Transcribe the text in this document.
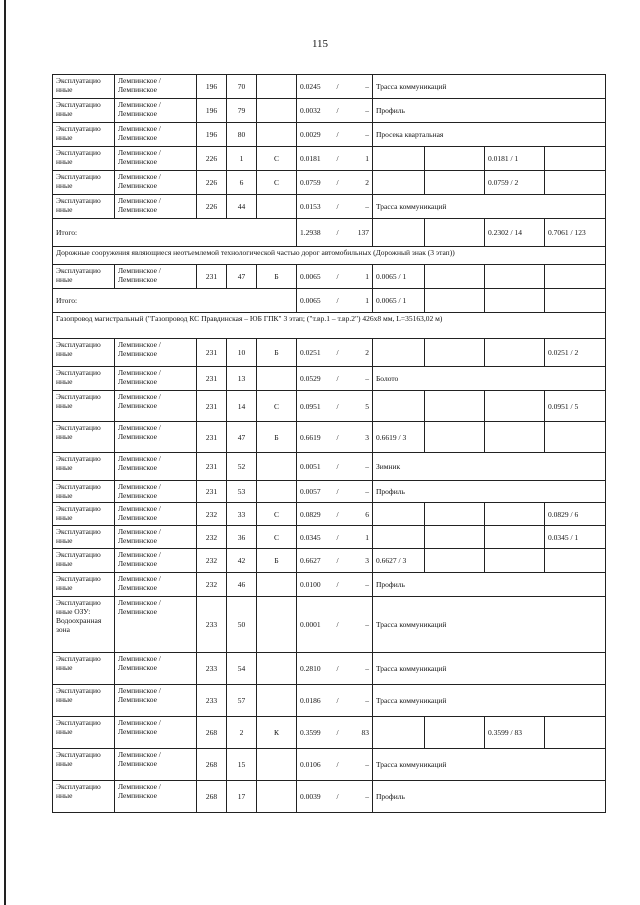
115
Эксплуатацио нные	Лемпинское / Лемпинское	196	70		0.0245 / –	Трасса коммуникаций			
Эксплуатацио нные	Лемпинское / Лемпинское	196	79		0.0032 / –	Профиль			
Эксплуатацио нные	Лемпинское / Лемпинское	196	80		0.0029 / –	Просека квартальная			
Эксплуатацио нные	Лемпинское / Лемпинское	226	1	С	0.0181 / 1			0.0181 / 1	
Эксплуатацио нные	Лемпинское / Лемпинское	226	6	С	0.0759 / 2			0.0759 / 2	
Эксплуатацио нные	Лемпинское / Лемпинское	226	44		0.0153 / –	Трасса коммуникаций			
Итого:					1.2938 / 137			0.2302 / 14	0.7061 / 123
Дорожные сооружения являющиеся неотъемлемой технологической частью дорог автомобильных (Дорожный знак (3 этап))									
Эксплуатацио нные	Лемпинское / Лемпинское	231	47	Б	0.0065 / 1	0.0065 / 1			
Итого:					0.0065 / 1	0.0065 / 1			
Газопровод магистральный ("Газопровод КС Правдинская – ЮБ ГПК" 3 этап; ("т.вр.1 – т.вр.2") 426х8 мм, L=35163,02 м)									
Эксплуатацио нные	Лемпинское / Лемпинское	231	10	Б	0.0251 / 2				0.0251 / 2
Эксплуатацио нные	Лемпинское / Лемпинское	231	13		0.0529 / –	Болото			
Эксплуатацио нные	Лемпинское / Лемпинское	231	14	С	0.0951 / 5				0.0951 / 5
Эксплуатацио нные	Лемпинское / Лемпинское	231	47	Б	0.6619 / 3	0.6619 / 3			
Эксплуатацио нные	Лемпинское / Лемпинское	231	52		0.0051 / –	Зимник			
Эксплуатацио нные	Лемпинское / Лемпинское	231	53		0.0057 / –	Профиль			
Эксплуатацио нные	Лемпинское / Лемпинское	232	33	С	0.0829 / 6				0.0829 / 6
Эксплуатацио нные	Лемпинское / Лемпинское	232	36	С	0.0345 / 1				0.0345 / 1
Эксплуатацио нные	Лемпинское / Лемпинское	232	42	Б	0.6627 / 3	0.6627 / 3			
Эксплуатацио нные	Лемпинское / Лемпинское	232	46		0.0100 / –	Профиль			
Эксплуатацио нные ОЗУ: Водоохранная зона	Лемпинское / Лемпинское	233	50		0.0001 / –	Трасса коммуникаций			
Эксплуатацио нные	Лемпинское / Лемпинское	233	54		0.2810 / –	Трасса коммуникаций			
Эксплуатацио нные	Лемпинское / Лемпинское	233	57		0.0186 / –	Трасса коммуникаций			
Эксплуатацио нные	Лемпинское / Лемпинское	268	2	К	0.3599 / 83			0.3599 / 83	
Эксплуатацио нные	Лемпинское / Лемпинское	268	15		0.0106 / –	Трасса коммуникаций			
Эксплуатацио нные	Лемпинское / Лемпинское	268	17		0.0039 / –	Профиль			
